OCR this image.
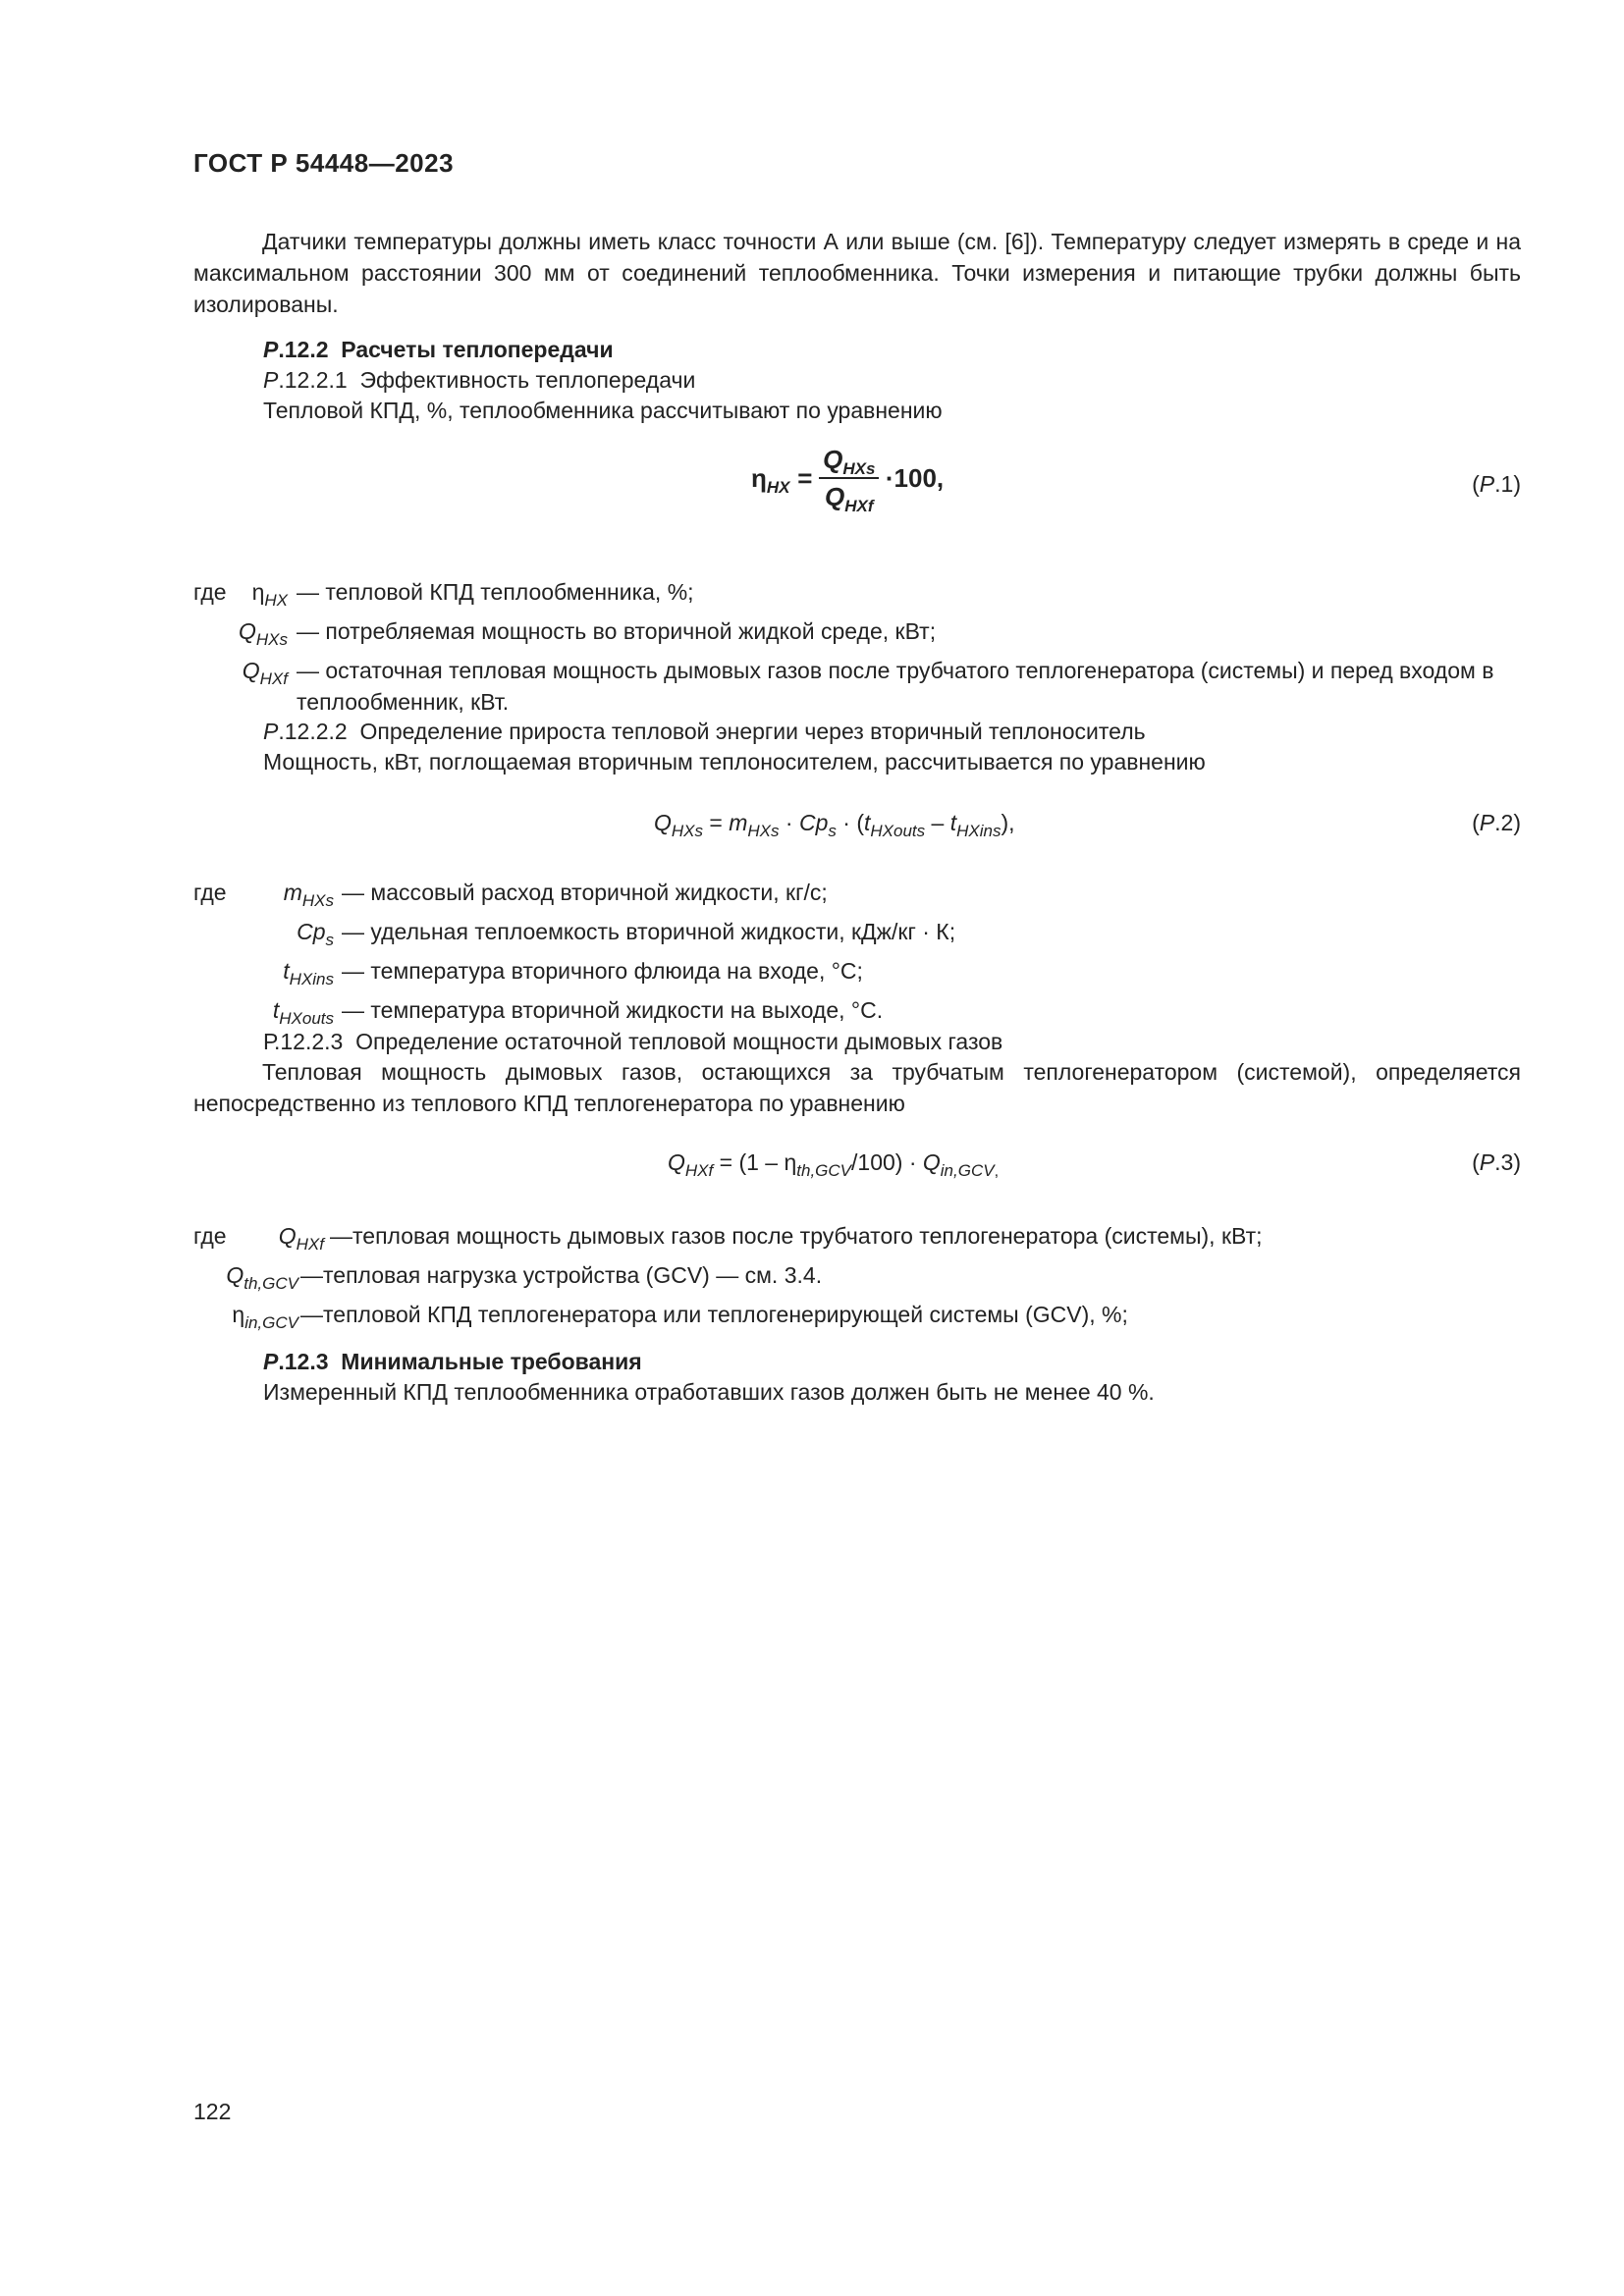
ГОСТ Р 54448—2023
Датчики температуры должны иметь класс точности А или выше (см. [6]). Температуру следует измерять в среде и на максимальном расстоянии 300 мм от соединений теплообменника. Точки измерения и питающие трубки должны быть изолированы.
Р.12.2 Расчеты теплопередачи
Р.12.2.1 Эффективность теплопередачи
Тепловой КПД, %, теплообменника рассчитывают по уравнению
$\eta_{HX} = \frac{Q_{HXs}}{Q_{HXf}} \cdot 100$,	(Р.1)
где	$\eta_{HX}$ — тепловой КПД теплообменника, %;
$Q_{HXs}$ — потребляемая мощность во вторичной жидкой среде, кВт;
$Q_{HXf}$ — остаточная тепловая мощность дымовых газов после трубчатого теплогенератора (системы) и перед входом в теплообменник, кВт.
Р.12.2.2 Определение прироста тепловой энергии через вторичный теплоноситель
Мощность, кВт, поглощаемая вторичным теплоносителем, рассчитывается по уравнению
$Q_{HXs} = m_{HXs} \cdot Cp_s \cdot (t_{HXouts} - t_{HXins})$,	(Р.2)
где	$m_{HXs}$ — массовый расход вторичной жидкости, кг/с;
$Cp_s$ — удельная теплоемкость вторичной жидкости, кДж/кг · К;
$t_{HXins}$ — температура вторичного флюида на входе, °С;
$t_{HXouts}$ — температура вторичной жидкости на выходе, °С.
Р.12.2.3 Определение остаточной тепловой мощности дымовых газов
Тепловая мощность дымовых газов, остающихся за трубчатым теплогенератором (системой), определяется непосредственно из теплового КПД теплогенератора по уравнению
$Q_{HXf} = (1 - \eta_{th,GCV}/100) \cdot Q_{in,GCV,}$	(Р.3)
где	$Q_{HXf}$ —тепловая мощность дымовых газов после трубчатого теплогенератора (системы), кВт;
$Q_{th,GCV}$ —тепловая нагрузка устройства (GCV) — см. 3.4.
$\eta_{in,GCV}$ —тепловой КПД теплогенератора или теплогенерирующей системы (GCV), %;
Р.12.3 Минимальные требования
Измеренный КПД теплообменника отработавших газов должен быть не менее 40 %.
122
